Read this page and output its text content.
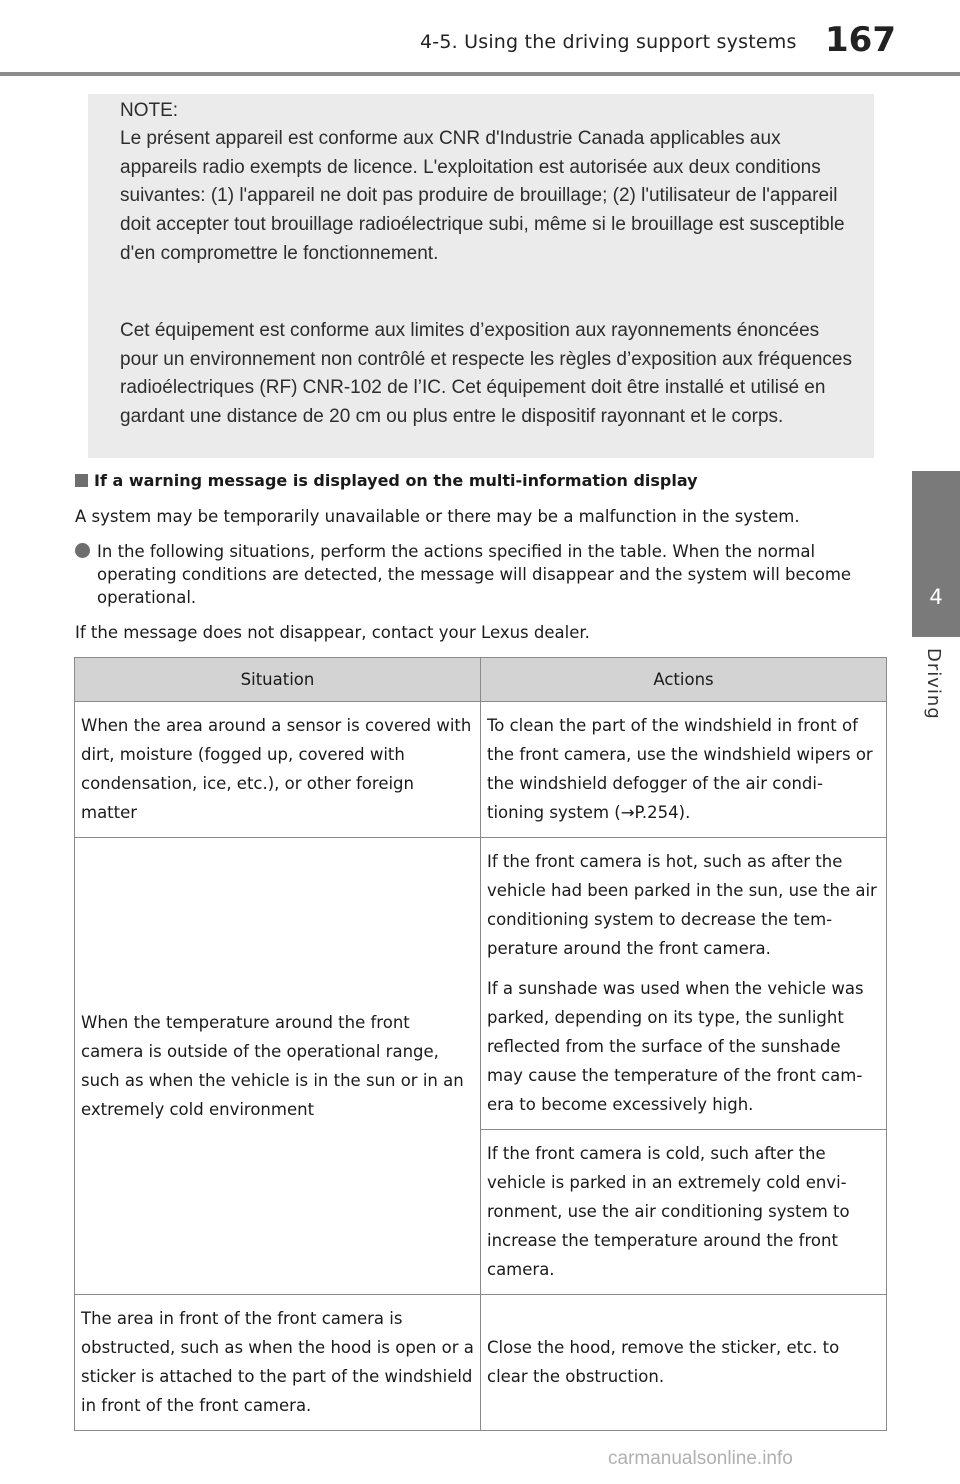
4-5. Using the driving support systems 167
4
Driving
NOTE:
Le présent appareil est conforme aux CNR d'Industrie Canada applicables aux appareils radio exempts de licence. L'exploitation est autorisée aux deux conditions suivantes: (1) l'appareil ne doit pas produire de brouillage; (2) l'utilisateur de l'appareil doit accepter tout brouillage radioélectrique subi, même si le brouillage est susceptible d'en compromettre le fonctionnement.
Cet équipement est conforme aux limites d’exposition aux rayonnements énoncées pour un environnement non contrôlé et respecte les règles d’exposition aux fréquences radioélectriques (RF) CNR-102 de l’IC. Cet équipement doit être installé et utilisé en gardant une distance de 20 cm ou plus entre le dispositif rayonnant et le corps.
If a warning message is displayed on the multi-information display
A system may be temporarily unavailable or there may be a malfunction in the system.
In the following situations, perform the actions specified in the table. When the normal operating conditions are detected, the message will disappear and the system will become operational.
If the message does not disappear, contact your Lexus dealer.
Situation	Actions
When the area around a sensor is covered with dirt, moisture (fogged up, covered with condensation, ice, etc.), or other foreign matter	To clean the part of the windshield in front of the front camera, use the windshield wipers or the windshield defogger of the air condi-tioning system (→P.254).
When the temperature around the front camera is outside of the operational range, such as when the vehicle is in the sun or in an extremely cold environment	If the front camera is hot, such as after the vehicle had been parked in the sun, use the air conditioning system to decrease the tem-perature around the front camera.

If a sunshade was used when the vehicle was parked, depending on its type, the sunlight reflected from the surface of the sunshade may cause the temperature of the front cam-era to become excessively high.

	If the front camera is cold, such after the vehicle is parked in an extremely cold envi-ronment, use the air conditioning system to increase the temperature around the front camera.
The area in front of the front camera is obstructed, such as when the hood is open or a sticker is attached to the part of the windshield in front of the front camera.	Close the hood, remove the sticker, etc. to clear the obstruction.
carmanualsonline.info
